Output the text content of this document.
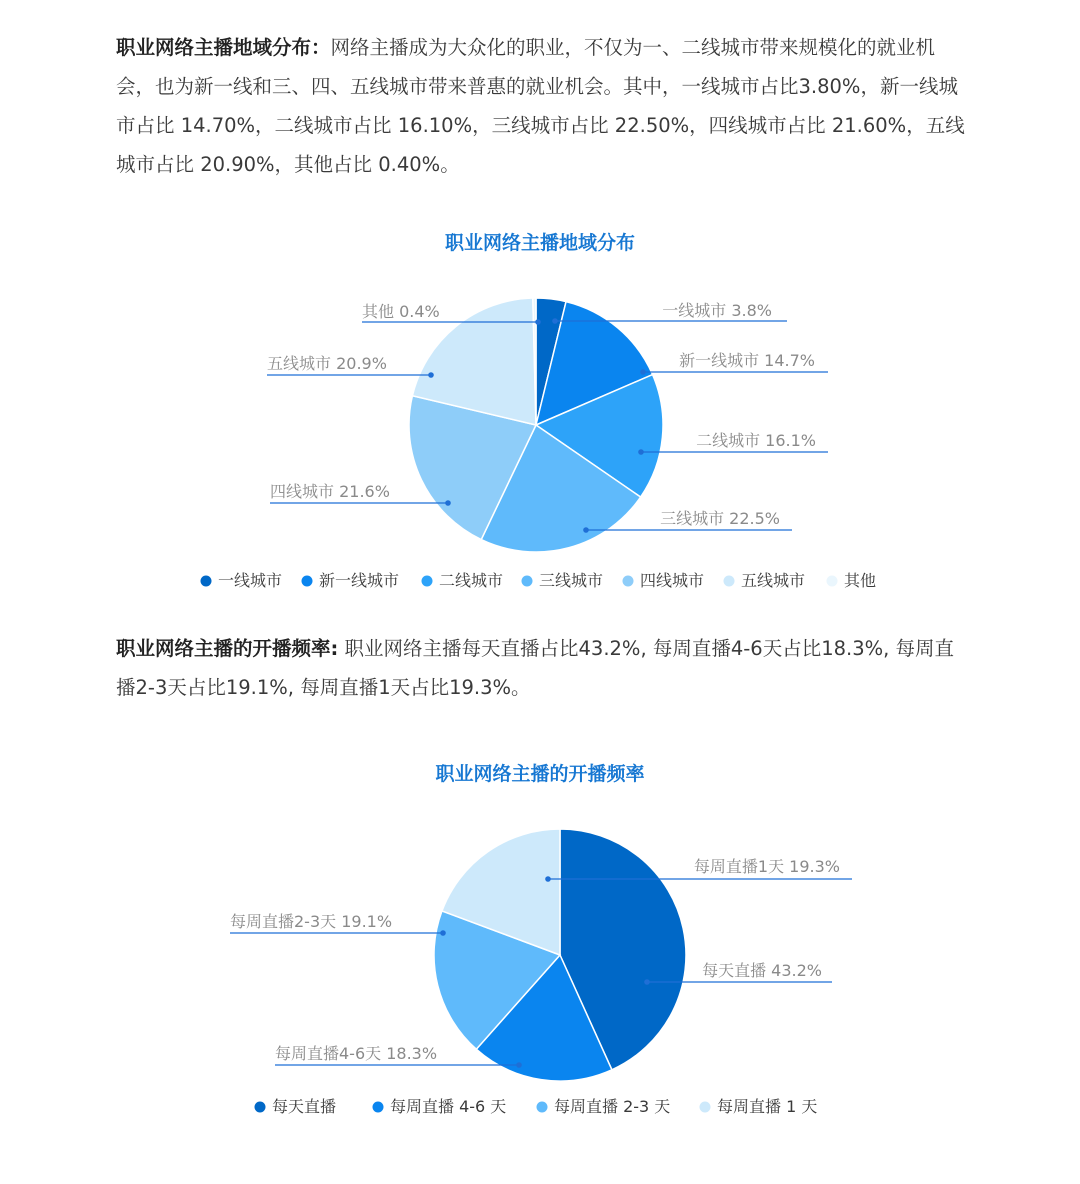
职业网络主播地域分布：网络主播成为大众化的职业，不仅为一、二线城市带来规模化的就业机会，也为新一线和三、四、五线城市带来普惠的就业机会。其中，一线城市占比3.80%，新一线城市占比 14.70%，二线城市占比 16.10%，三线城市占比 22.50%，四线城市占比 21.60%，五线城市占比 20.90%，其他占比 0.40%。

职业网络主播地域分布
一线城市 3.8%
新一线城市 14.7%
二线城市 16.1%
三线城市 22.5%
四线城市 21.6%
五线城市 20.9%
其他 0.4%
一线城市 新一线城市 二线城市 三线城市 四线城市 五线城市 其他

职业网络主播的开播频率: 职业网络主播每天直播占比43.2%, 每周直播4-6天占比18.3%, 每周直播2-3天占比19.1%, 每周直播1天占比19.3%。

职业网络主播的开播频率
每天直播 43.2%
每周直播4-6天 18.3%
每周直播2-3天 19.1%
每周直播1天 19.3%
每天直播	每周直播 4-6 天	每周直播 2-3 天	每周直播 1 天
